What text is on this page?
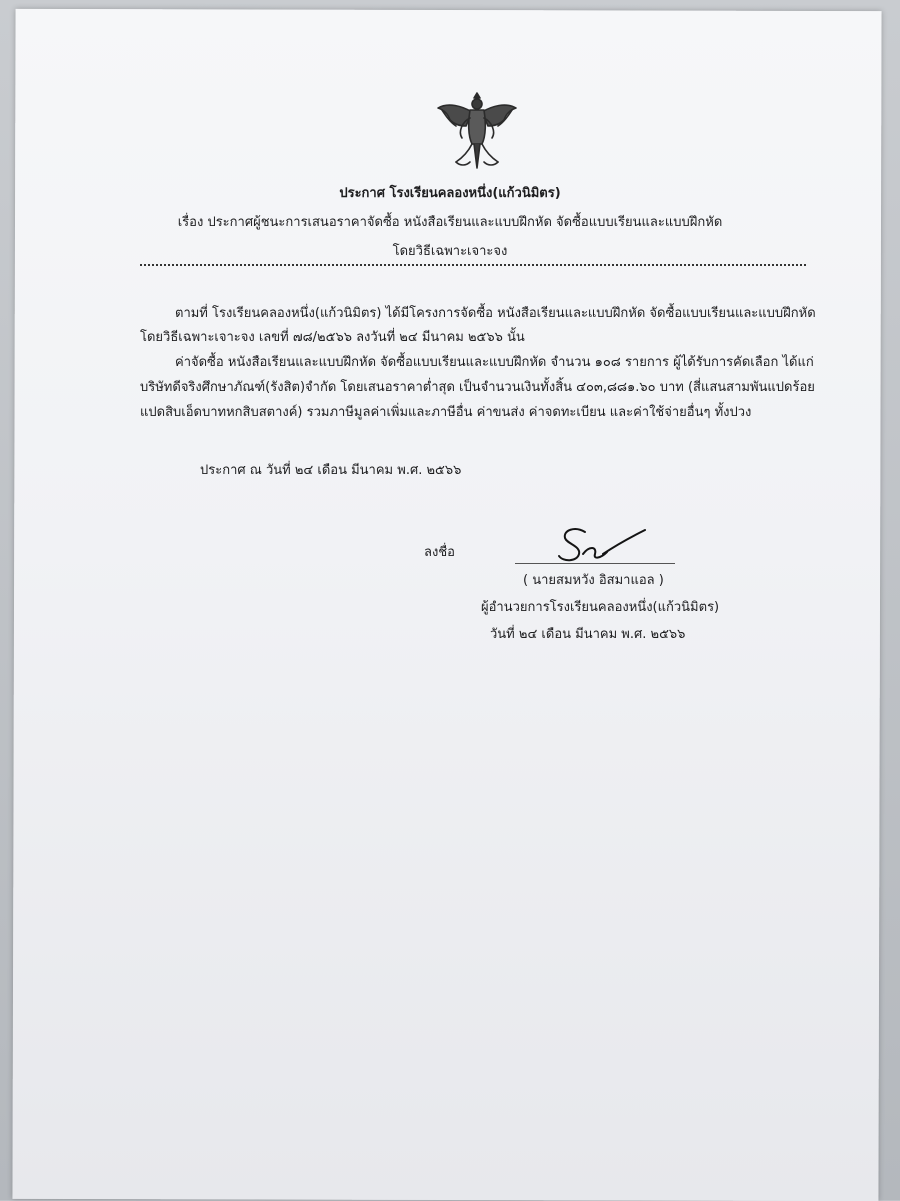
ประกาศ โรงเรียนคลองหนึ่ง(แก้วนิมิตร)
เรื่อง ประกาศผู้ชนะการเสนอราคาจัดซื้อ หนังสือเรียนและแบบฝึกหัด จัดซื้อแบบเรียนและแบบฝึกหัด
โดยวิธีเฉพาะเจาะจง
ตามที่ โรงเรียนคลองหนึ่ง(แก้วนิมิตร) ได้มีโครงการจัดซื้อ หนังสือเรียนและแบบฝึกหัด จัดซื้อแบบเรียนและแบบฝึกหัด
โดยวิธีเฉพาะเจาะจง เลขที่ ๗๘/๒๕๖๖ ลงวันที่ ๒๔ มีนาคม ๒๕๖๖ นั้น
ค่าจัดซื้อ หนังสือเรียนและแบบฝึกหัด จัดซื้อแบบเรียนและแบบฝึกหัด จำนวน ๑๐๘ รายการ ผู้ได้รับการคัดเลือก ได้แก่
บริษัทดีจริงศึกษาภัณฑ์(รังสิต)จำกัด โดยเสนอราคาต่ำสุด เป็นจำนวนเงินทั้งสิ้น ๔๐๓,๘๘๑.๖๐ บาท (สี่แสนสามพันแปดร้อย
แปดสิบเอ็ดบาทหกสิบสตางค์) รวมภาษีมูลค่าเพิ่มและภาษีอื่น ค่าขนส่ง ค่าจดทะเบียน และค่าใช้จ่ายอื่นๆ ทั้งปวง
ประกาศ ณ วันที่ ๒๔ เดือน มีนาคม พ.ศ. ๒๕๖๖
ลงชื่อ
( นายสมหวัง อิสมาแอล )
ผู้อำนวยการโรงเรียนคลองหนึ่ง(แก้วนิมิตร)
วันที่ ๒๔ เดือน มีนาคม พ.ศ. ๒๕๖๖
